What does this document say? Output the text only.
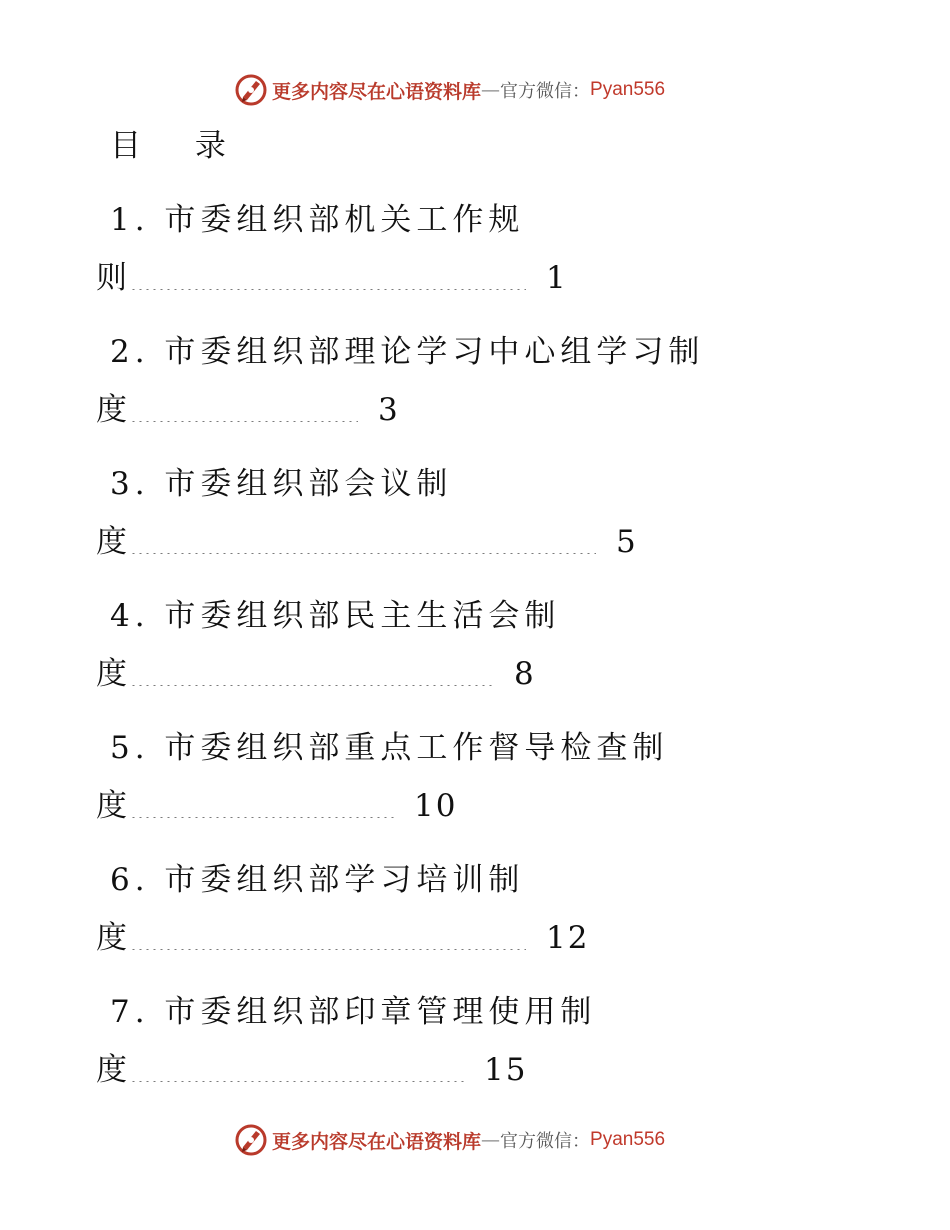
更多内容尽在心语资料库 — 官方微信： Pyan556
目 录
1. 市委组织部机关工作规
则	1
2. 市委组织部理论学习中心组学习制
度	3
3. 市委组织部会议制
度	5
4. 市委组织部民主生活会制
度	8
5. 市委组织部重点工作督导检查制
度	10
6. 市委组织部学习培训制
度	12
7. 市委组织部印章管理使用制
度	15
更多内容尽在心语资料库 — 官方微信： Pyan556
